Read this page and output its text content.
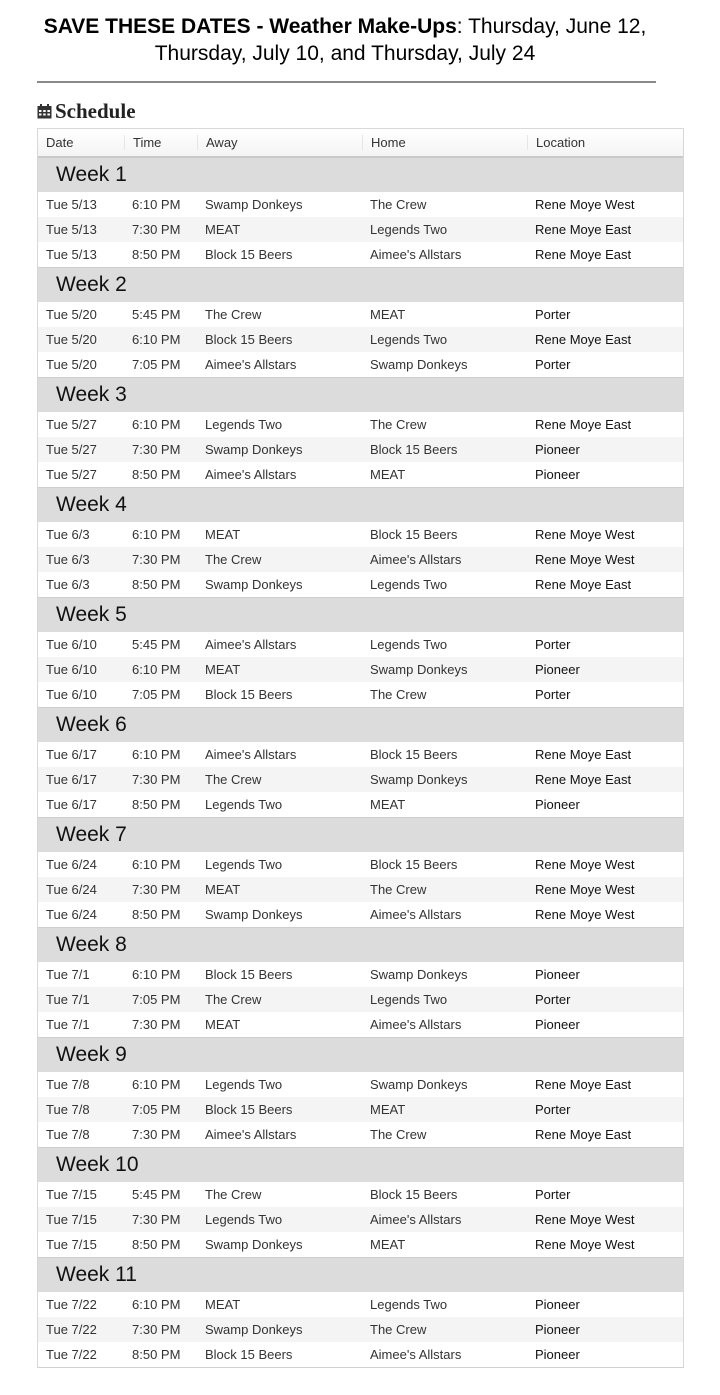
SAVE THESE DATES - Weather Make-Ups: Thursday, June 12, Thursday, July 10, and Thursday, July 24
Schedule
Date	Time	Away	Home	Location
Week 1
Tue 5/13	6:10 PM	Swamp Donkeys	The Crew	Rene Moye West
Tue 5/13	7:30 PM	MEAT	Legends Two	Rene Moye East
Tue 5/13	8:50 PM	Block 15 Beers	Aimee's Allstars	Rene Moye East
Week 2
Tue 5/20	5:45 PM	The Crew	MEAT	Porter
Tue 5/20	6:10 PM	Block 15 Beers	Legends Two	Rene Moye East
Tue 5/20	7:05 PM	Aimee's Allstars	Swamp Donkeys	Porter
Week 3
Tue 5/27	6:10 PM	Legends Two	The Crew	Rene Moye East
Tue 5/27	7:30 PM	Swamp Donkeys	Block 15 Beers	Pioneer
Tue 5/27	8:50 PM	Aimee's Allstars	MEAT	Pioneer
Week 4
Tue 6/3	6:10 PM	MEAT	Block 15 Beers	Rene Moye West
Tue 6/3	7:30 PM	The Crew	Aimee's Allstars	Rene Moye West
Tue 6/3	8:50 PM	Swamp Donkeys	Legends Two	Rene Moye East
Week 5
Tue 6/10	5:45 PM	Aimee's Allstars	Legends Two	Porter
Tue 6/10	6:10 PM	MEAT	Swamp Donkeys	Pioneer
Tue 6/10	7:05 PM	Block 15 Beers	The Crew	Porter
Week 6
Tue 6/17	6:10 PM	Aimee's Allstars	Block 15 Beers	Rene Moye East
Tue 6/17	7:30 PM	The Crew	Swamp Donkeys	Rene Moye East
Tue 6/17	8:50 PM	Legends Two	MEAT	Pioneer
Week 7
Tue 6/24	6:10 PM	Legends Two	Block 15 Beers	Rene Moye West
Tue 6/24	7:30 PM	MEAT	The Crew	Rene Moye West
Tue 6/24	8:50 PM	Swamp Donkeys	Aimee's Allstars	Rene Moye West
Week 8
Tue 7/1	6:10 PM	Block 15 Beers	Swamp Donkeys	Pioneer
Tue 7/1	7:05 PM	The Crew	Legends Two	Porter
Tue 7/1	7:30 PM	MEAT	Aimee's Allstars	Pioneer
Week 9
Tue 7/8	6:10 PM	Legends Two	Swamp Donkeys	Rene Moye East
Tue 7/8	7:05 PM	Block 15 Beers	MEAT	Porter
Tue 7/8	7:30 PM	Aimee's Allstars	The Crew	Rene Moye East
Week 10
Tue 7/15	5:45 PM	The Crew	Block 15 Beers	Porter
Tue 7/15	7:30 PM	Legends Two	Aimee's Allstars	Rene Moye West
Tue 7/15	8:50 PM	Swamp Donkeys	MEAT	Rene Moye West
Week 11
Tue 7/22	6:10 PM	MEAT	Legends Two	Pioneer
Tue 7/22	7:30 PM	Swamp Donkeys	The Crew	Pioneer
Tue 7/22	8:50 PM	Block 15 Beers	Aimee's Allstars	Pioneer
